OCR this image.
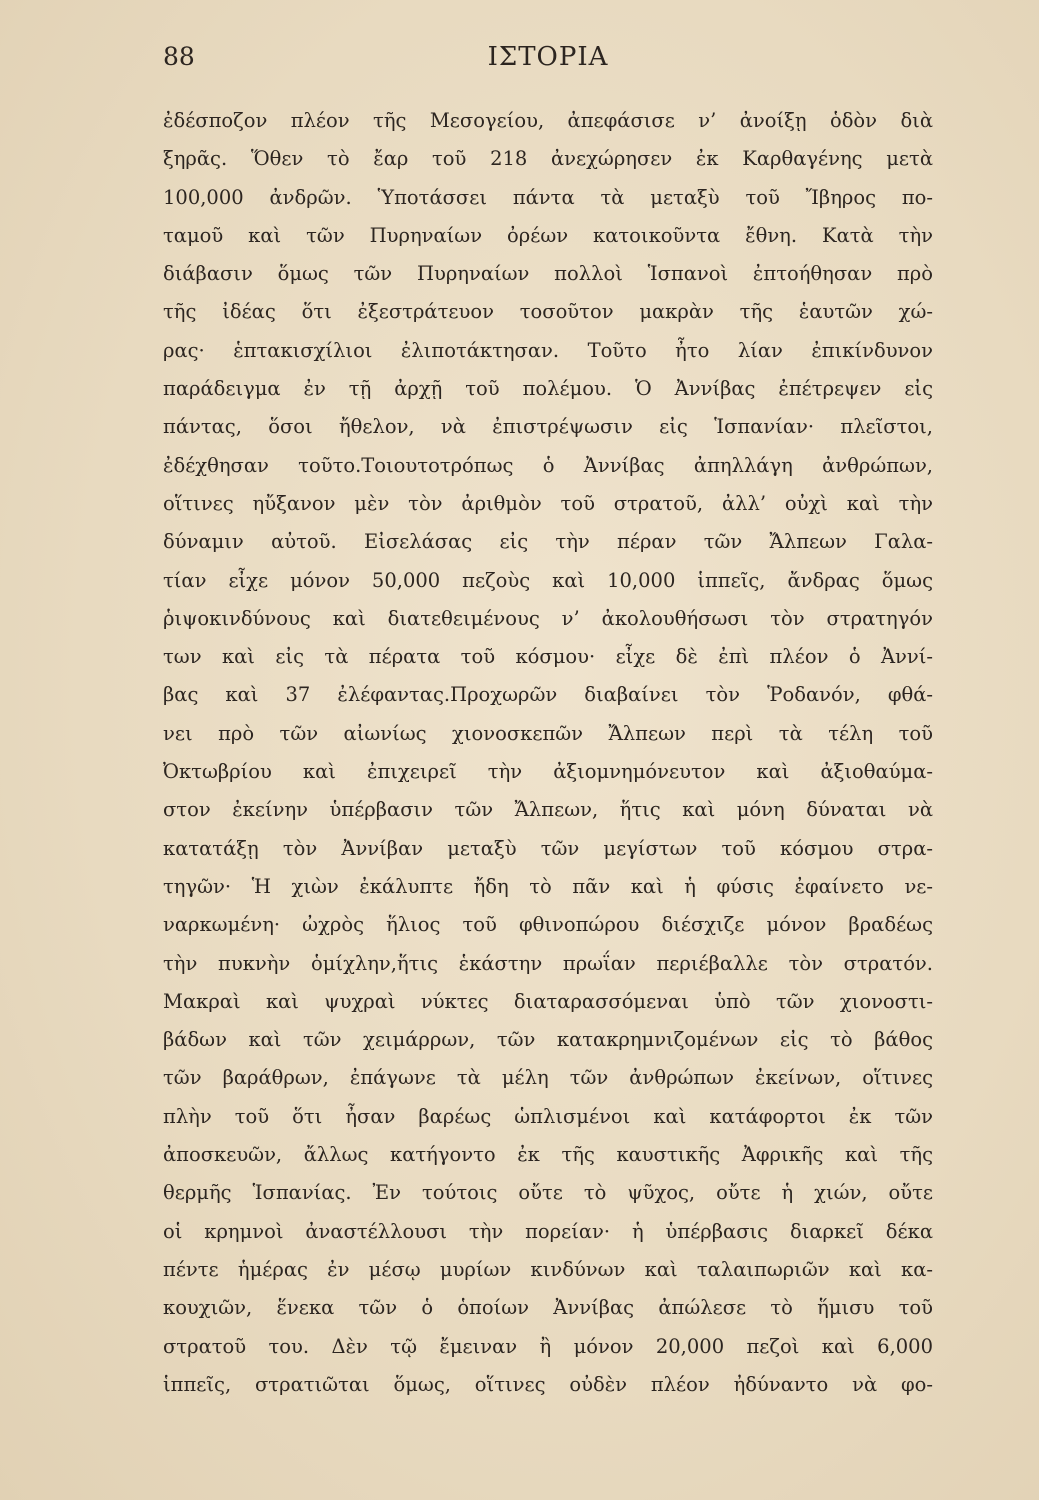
88	ΙΣΤΟΡΙΑ
ἐδέσποζον πλέον τῆς Μεσογείου, ἀπεφάσισε ν’ ἀνοίξῃ ὁδὸν διὰ
ξηρᾶς. Ὅθεν τὸ ἔαρ τοῦ 218 ἀνεχώρησεν ἐκ Καρθαγένης μετὰ
100,000 ἀνδρῶν. Ὑποτάσσει πάντα τὰ μεταξὺ τοῦ Ἴβηρος πο-
ταμοῦ καὶ τῶν Πυρηναίων ὀρέων κατοικοῦντα ἔθνη. Κατὰ τὴν
διάβασιν ὅμως τῶν Πυρηναίων πολλοὶ Ἱσπανοὶ ἐπτοήθησαν πρὸ
τῆς ἰδέας ὅτι ἐξεστράτευον τοσοῦτον μακρὰν τῆς ἑαυτῶν χώ-
ρας· ἑπτακισχίλιοι ἐλιποτάκτησαν. Τοῦτο ἦτο λίαν ἐπικίνδυνον
παράδειγμα ἐν τῇ ἀρχῇ τοῦ πολέμου. Ὁ Ἀννίβας ἐπέτρεψεν εἰς
πάντας, ὅσοι ἤθελον, νὰ ἐπιστρέψωσιν εἰς Ἱσπανίαν· πλεῖστοι,
ἐδέχθησαν τοῦτο.Τοιουτοτρόπως ὁ Ἀννίβας ἀπηλλάγη ἀνθρώπων,
οἵτινες ηὔξανον μὲν τὸν ἀριθμὸν τοῦ στρατοῦ, ἀλλ’ οὐχὶ καὶ τὴν
δύναμιν αὐτοῦ. Εἰσελάσας εἰς τὴν πέραν τῶν Ἄλπεων Γαλα-
τίαν εἶχε μόνον 50,000 πεζοὺς καὶ 10,000 ἱππεῖς, ἄνδρας ὅμως
ῥιψοκινδύνους καὶ διατεθειμένους ν’ ἀκολουθήσωσι τὸν στρατηγόν
των καὶ εἰς τὰ πέρατα τοῦ κόσμου· εἶχε δὲ ἐπὶ πλέον ὁ Ἀννί-
βας καὶ 37 ἐλέφαντας.Προχωρῶν διαβαίνει τὸν Ῥοδανόν, φθά-
νει πρὸ τῶν αἰωνίως χιονοσκεπῶν Ἄλπεων περὶ τὰ τέλη τοῦ
Ὀκτωβρίου καὶ ἐπιχειρεῖ τὴν ἀξιομνημόνευτον καὶ ἀξιοθαύμα-
στον ἐκείνην ὑπέρβασιν τῶν Ἄλπεων, ἥτις καὶ μόνη δύναται νὰ
κατατάξῃ τὸν Ἀννίβαν μεταξὺ τῶν μεγίστων τοῦ κόσμου στρα-
τηγῶν· Ἡ χιὼν ἐκάλυπτε ἤδη τὸ πᾶν καὶ ἡ φύσις ἐφαίνετο νε-
ναρκωμένη· ὠχρὸς ἥλιος τοῦ φθινοπώρου διέσχιζε μόνον βραδέως
τὴν πυκνὴν ὁμίχλην,ἥτις ἑκάστην πρωΐαν περιέβαλλε τὸν στρατόν.
Μακραὶ καὶ ψυχραὶ νύκτες διαταρασσόμεναι ὑπὸ τῶν χιονοστι-
βάδων καὶ τῶν χειμάρρων, τῶν κατακρημνιζομένων εἰς τὸ βάθος
τῶν βαράθρων, ἐπάγωνε τὰ μέλη τῶν ἀνθρώπων ἐκείνων, οἵτινες
πλὴν τοῦ ὅτι ἦσαν βαρέως ὡπλισμένοι καὶ κατάφορτοι ἐκ τῶν
ἀποσκευῶν, ἄλλως κατήγοντο ἐκ τῆς καυστικῆς Ἀφρικῆς καὶ τῆς
θερμῆς Ἱσπανίας. Ἐν τούτοις οὔτε τὸ ψῦχος, οὔτε ἡ χιών, οὔτε
οἱ κρημνοὶ ἀναστέλλουσι τὴν πορείαν· ἡ ὑπέρβασις διαρκεῖ δέκα
πέντε ἡμέρας ἐν μέσῳ μυρίων κινδύνων καὶ ταλαιπωριῶν καὶ κα-
κουχιῶν, ἕνεκα τῶν ὁ ὁποίων Ἀννίβας ἀπώλεσε τὸ ἥμισυ τοῦ
στρατοῦ του. Δὲν τῷ ἔμειναν ἢ μόνον 20,000 πεζοὶ καὶ 6,000
ἱππεῖς, στρατιῶται ὅμως, οἵτινες οὐδὲν πλέον ἠδύναντο νὰ φο-
